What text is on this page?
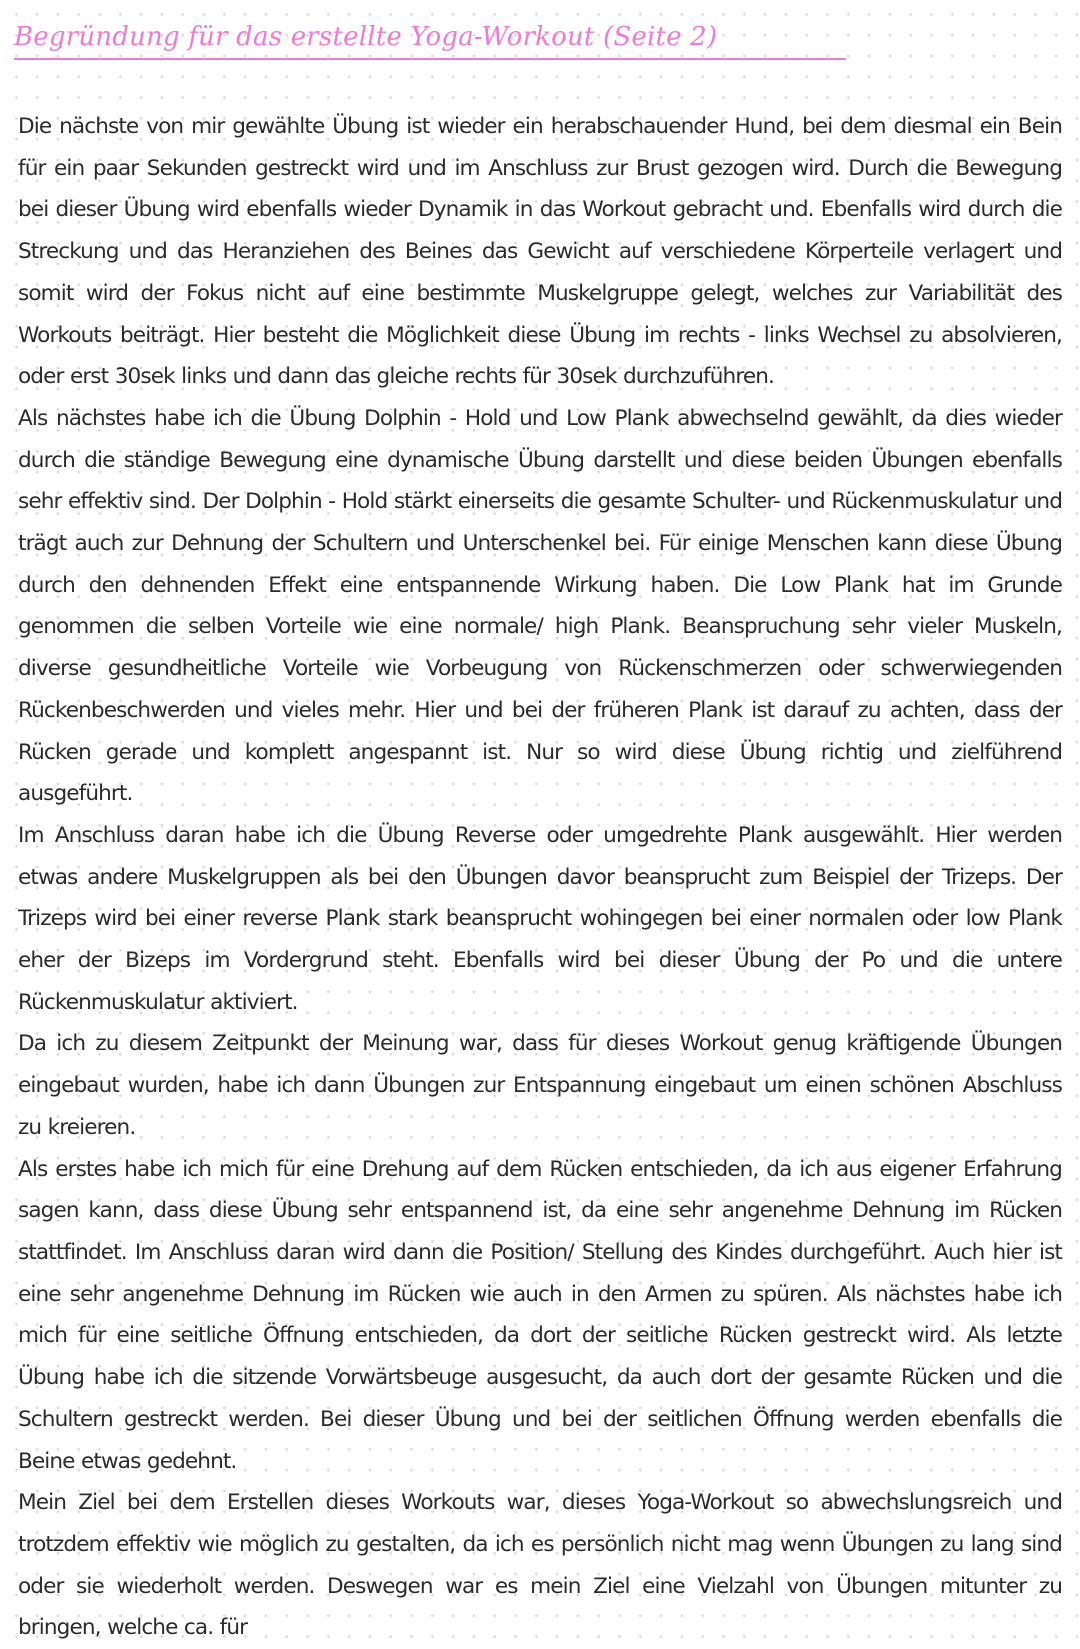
Begründung für das erstellte Yoga-Workout (Seite 2)

Die nächste von mir gewählte Übung ist wieder ein herabschauender Hund, bei dem diesmal ein Bein für ein paar Sekunden gestreckt wird und im Anschluss zur Brust gezogen wird. Durch die Bewegung bei dieser Übung wird ebenfalls wieder Dynamik in das Workout gebracht und. Ebenfalls wird durch die Streckung und das Heranziehen des Beines das Gewicht auf verschiedene Körperteile verlagert und somit wird der Fokus nicht auf eine bestimmte Muskelgruppe gelegt, welches zur Variabilität des Workouts beiträgt. Hier besteht die Möglichkeit diese Übung im rechts - links Wechsel zu absolvieren, oder erst 30sek links und dann das gleiche rechts für 30sek durchzuführen.

Als nächstes habe ich die Übung Dolphin - Hold und Low Plank abwechselnd gewählt, da dies wieder durch die ständige Bewegung eine dynamische Übung darstellt und diese beiden Übungen ebenfalls sehr effektiv sind. Der Dolphin - Hold stärkt einerseits die gesamte Schulter- und Rückenmuskulatur und trägt auch zur Dehnung der Schultern und Unterschenkel bei. Für einige Menschen kann diese Übung durch den dehnenden Effekt eine entspannende Wirkung haben. Die Low Plank hat im Grunde genommen die selben Vorteile wie eine normale/ high Plank. Beanspruchung sehr vieler Muskeln, diverse gesundheitliche Vorteile wie Vorbeugung von Rückenschmerzen oder schwerwiegenden Rückenbeschwerden und vieles mehr. Hier und bei der früheren Plank ist darauf zu achten, dass der Rücken gerade und komplett angespannt ist. Nur so wird diese Übung richtig und zielführend ausgeführt.

Im Anschluss daran habe ich die Übung Reverse oder umgedrehte Plank ausgewählt. Hier werden etwas andere Muskelgruppen als bei den Übungen davor beansprucht zum Beispiel der Trizeps. Der Trizeps wird bei einer reverse Plank stark beansprucht wohingegen bei einer normalen oder low Plank eher der Bizeps im Vordergrund steht. Ebenfalls wird bei dieser Übung der Po und die untere Rückenmuskulatur aktiviert.

Da ich zu diesem Zeitpunkt der Meinung war, dass für dieses Workout genug kräftigende Übungen eingebaut wurden, habe ich dann Übungen zur Entspannung eingebaut um einen schönen Abschluss zu kreieren.

Als erstes habe ich mich für eine Drehung auf dem Rücken entschieden, da ich aus eigener Erfahrung sagen kann, dass diese Übung sehr entspannend ist, da eine sehr angenehme Dehnung im Rücken stattfindet. Im Anschluss daran wird dann die Position/ Stellung des Kindes durchgeführt. Auch hier ist eine sehr angenehme Dehnung im Rücken wie auch in den Armen zu spüren. Als nächstes habe ich mich für eine seitliche Öffnung entschieden, da dort der seitliche Rücken gestreckt wird. Als letzte Übung habe ich die sitzende Vorwärtsbeuge ausgesucht, da auch dort der gesamte Rücken und die Schultern gestreckt werden. Bei dieser Übung und bei der seitlichen Öffnung werden ebenfalls die Beine etwas gedehnt.

Mein Ziel bei dem Erstellen dieses Workouts war, dieses Yoga-Workout so abwechslungsreich und trotzdem effektiv wie möglich zu gestalten, da ich es persönlich nicht mag wenn Übungen zu lang sind oder sie wiederholt werden. Deswegen war es mein Ziel eine Vielzahl von Übungen mitunter zu bringen, welche ca. für
